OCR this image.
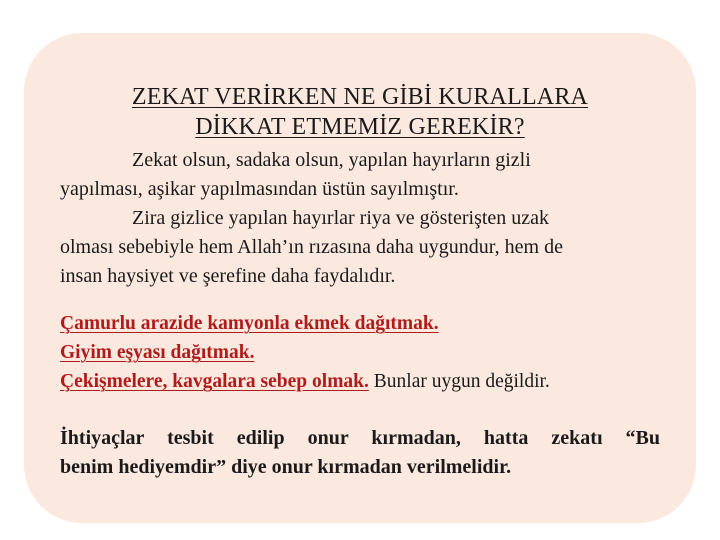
ZEKAT VERİRKEN NE GİBİ KURALLARA
DİKKAT ETMEMİZ GEREKİR?
Zekat olsun, sadaka olsun, yapılan hayırların gizli
yapılması, aşikar yapılmasından üstün sayılmıştır.
Zira gizlice yapılan hayırlar riya ve gösterişten uzak
olması sebebiyle hem Allah’ın rızasına daha uygundur, hem de
insan haysiyet ve şerefine daha faydalıdır.
Çamurlu arazide kamyonla ekmek dağıtmak.
Giyim eşyası dağıtmak.
Çekişmelere, kavgalara sebep olmak. Bunlar uygun değildir.
İhtiyaçlar tesbit edilip onur kırmadan, hatta zekatı “Bu
benim hediyemdir” diye onur kırmadan verilmelidir.
